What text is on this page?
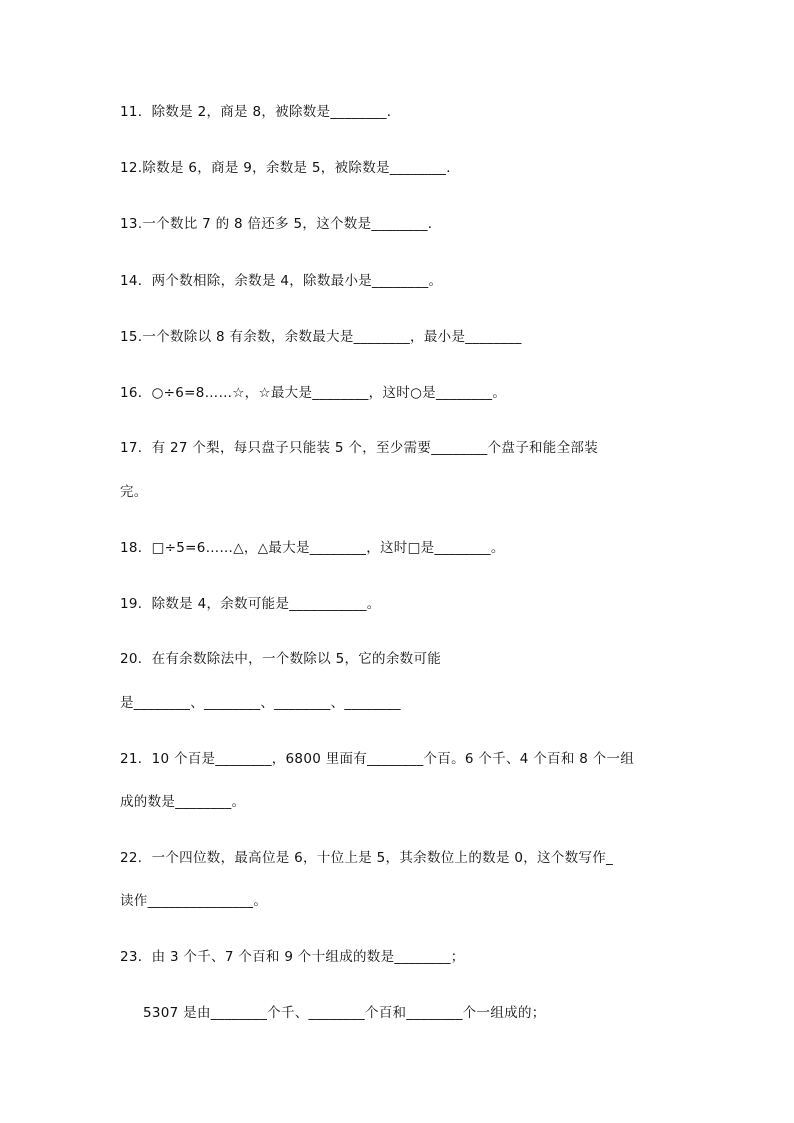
11．除数是 2，商是 8，被除数是________．
12.除数是 6，商是 9，余数是 5，被除数是________．
13.一个数比 7 的 8 倍还多 5，这个数是________．
14．两个数相除，余数是 4，除数最小是________。
15.一个数除以 8 有余数，余数最大是________，最小是________
16．○÷6=8……☆，☆最大是________，这时○是________。
17．有 27 个梨，每只盘子只能装 5 个，至少需要________个盘子和能全部装
完。
18．□÷5=6……△，△最大是________，这时□是________。
19．除数是 4，余数可能是___________。
20．在有余数除法中，一个数除以 5，它的余数可能
是________、________、________、________
21．10 个百是________，6800 里面有________个百。6 个千、4 个百和 8 个一组
成的数是________。
22．一个四位数，最高位是 6，十位上是 5，其余数位上的数是 0，这个数写作_
读作_______________。
23．由 3 个千、7 个百和 9 个十组成的数是________；
5307 是由________个千、________个百和________个一组成的；
